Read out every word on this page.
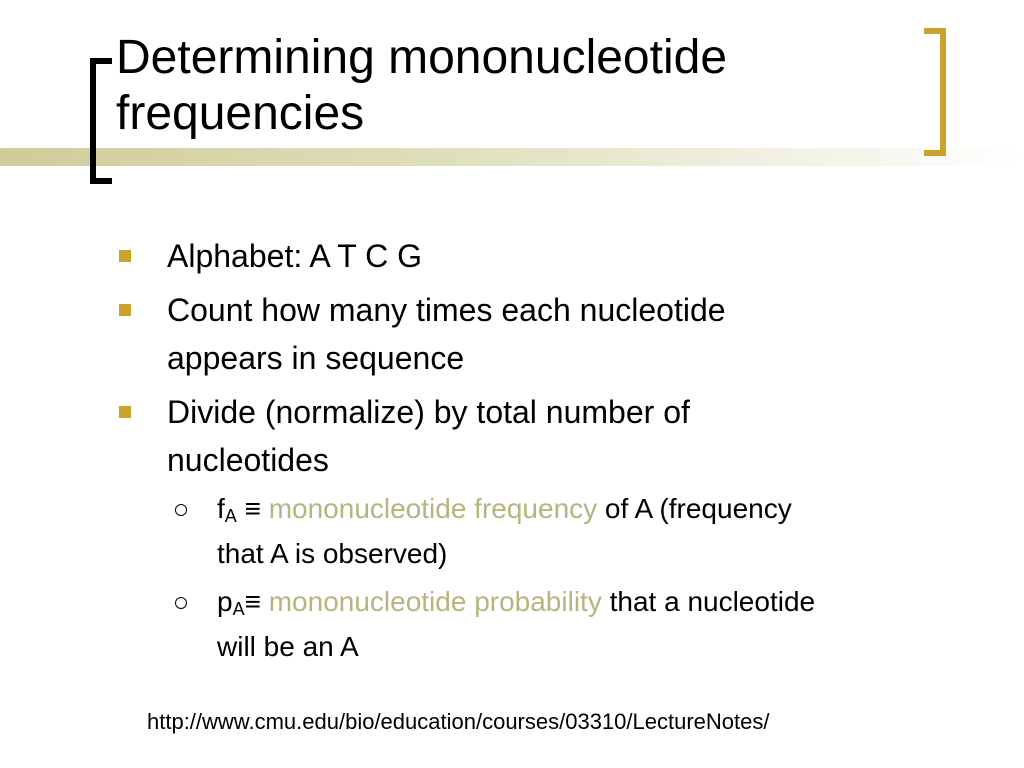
Determining mononucleotide
frequencies
Alphabet: A T C G
Count how many times each nucleotide
appears in sequence
Divide (normalize) by total number of
nucleotides
$f_A$ ≡ mononucleotide frequency of A (frequency
that A is observed)
$p_A\equiv$ mononucleotide probability that a nucleotide
will be an A
http://www.cmu.edu/bio/education/courses/03310/LectureNotes/
